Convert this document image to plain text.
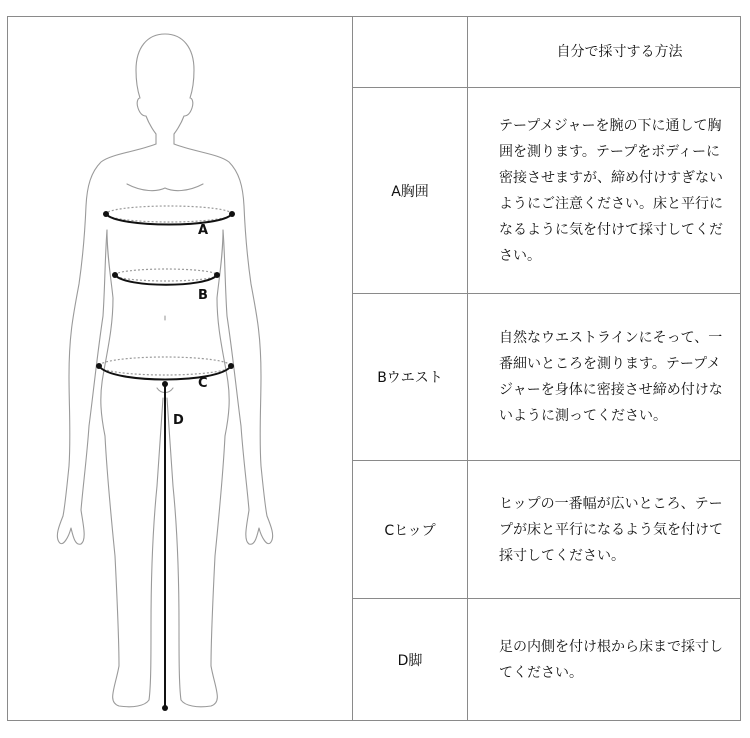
A
B
C
D
自分で採寸する方法
A胸囲
テープメジャーを腕の下に通して胸囲を測ります。テープをボディーに密接させますが、締め付けすぎないようにご注意ください。床と平行になるように気を付けて採寸してください。
Bウエスト
自然なウエストラインにそって、一番細いところを測ります。テープメジャーを身体に密接させ締め付けないように測ってください。
Cヒップ
ヒップの一番幅が広いところ、テープが床と平行になるよう気を付けて採寸してください。
D脚
足の内側を付け根から床まで採寸してください。
